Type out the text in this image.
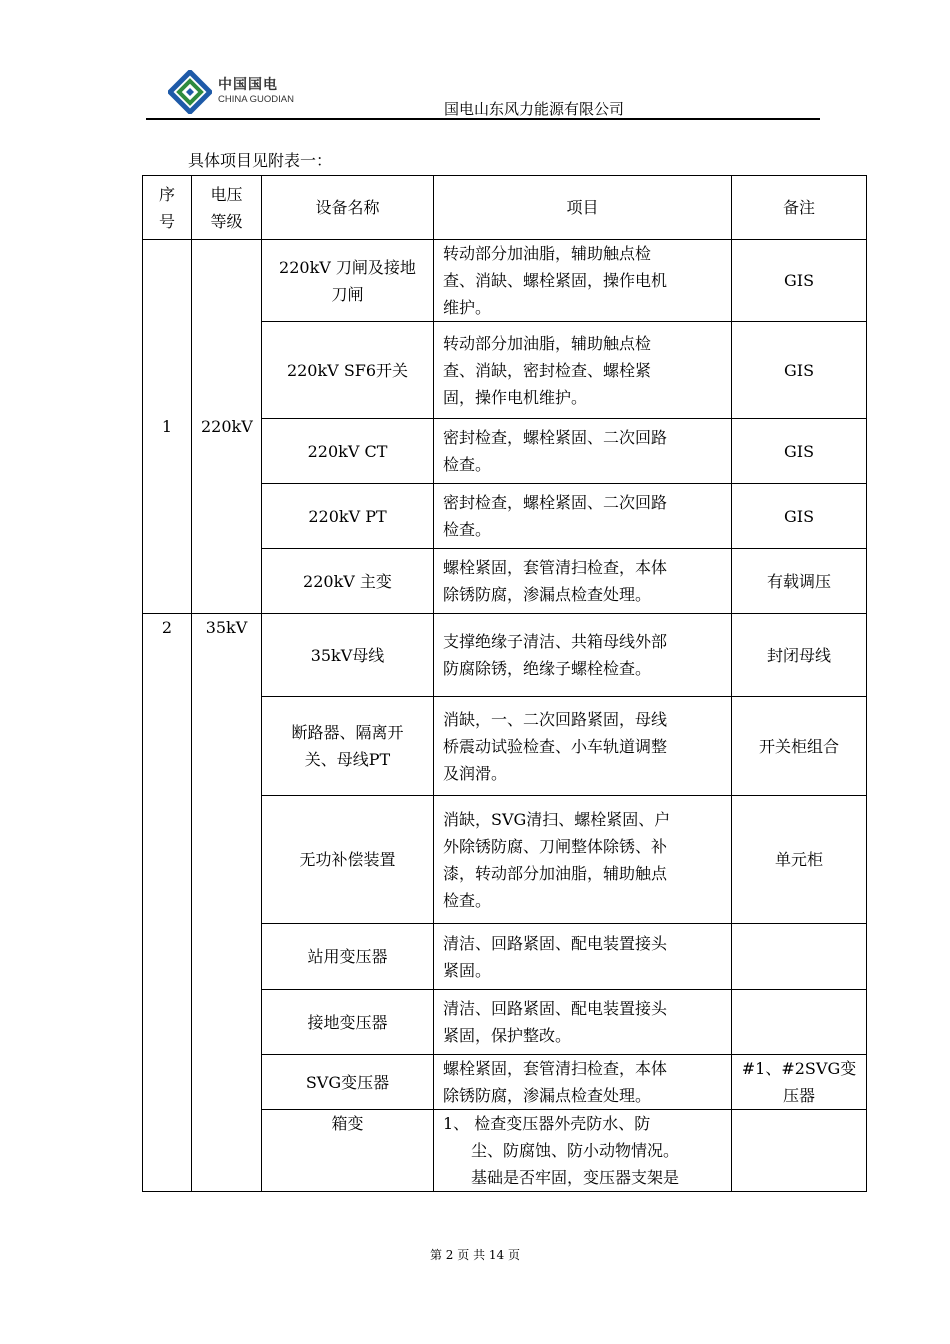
中国国电
CHINA GUODIAN
国电山东风力能源有限公司
具体项目见附表一：
序
号	电压
等级	设备名称	项目	备注
1	220kV	220kV 刀闸及接地
刀闸	转动部分加油脂，辅助触点检
查、消缺、螺栓紧固，操作电机
维护。	GIS
		220kV SF6开关	转动部分加油脂，辅助触点检
查、消缺，密封检查、螺栓紧
固，操作电机维护。	GIS
		220kV CT	密封检查，螺栓紧固、二次回路
检查。	GIS
		220kV PT	密封检查，螺栓紧固、二次回路
检查。	GIS
		220kV 主变	螺栓紧固，套管清扫检查，本体
除锈防腐，渗漏点检查处理。	有载调压
2	35kV	35kV母线	支撑绝缘子清洁、共箱母线外部
防腐除锈，绝缘子螺栓检查。	封闭母线
		断路器、隔离开
关、母线PT	消缺，一、二次回路紧固，母线
桥震动试验检查、小车轨道调整
及润滑。	开关柜组合
		无功补偿装置	消缺，SVG清扫、螺栓紧固、户
外除锈防腐、刀闸整体除锈、补
漆，转动部分加油脂，辅助触点
检查。	单元柜
		站用变压器	清洁、回路紧固、配电装置接头
紧固。	
		接地变压器	清洁、回路紧固、配电装置接头
紧固，保护整改。	
		SVG变压器	螺栓紧固，套管清扫检查，本体
除锈防腐，渗漏点检查处理。	#1、#2SVG变
压器
		箱变	1、 检查变压器外壳防水、防
尘、防腐蚀、防小动物情况。
基础是否牢固，变压器支架是	

第 2 页 共 14 页
